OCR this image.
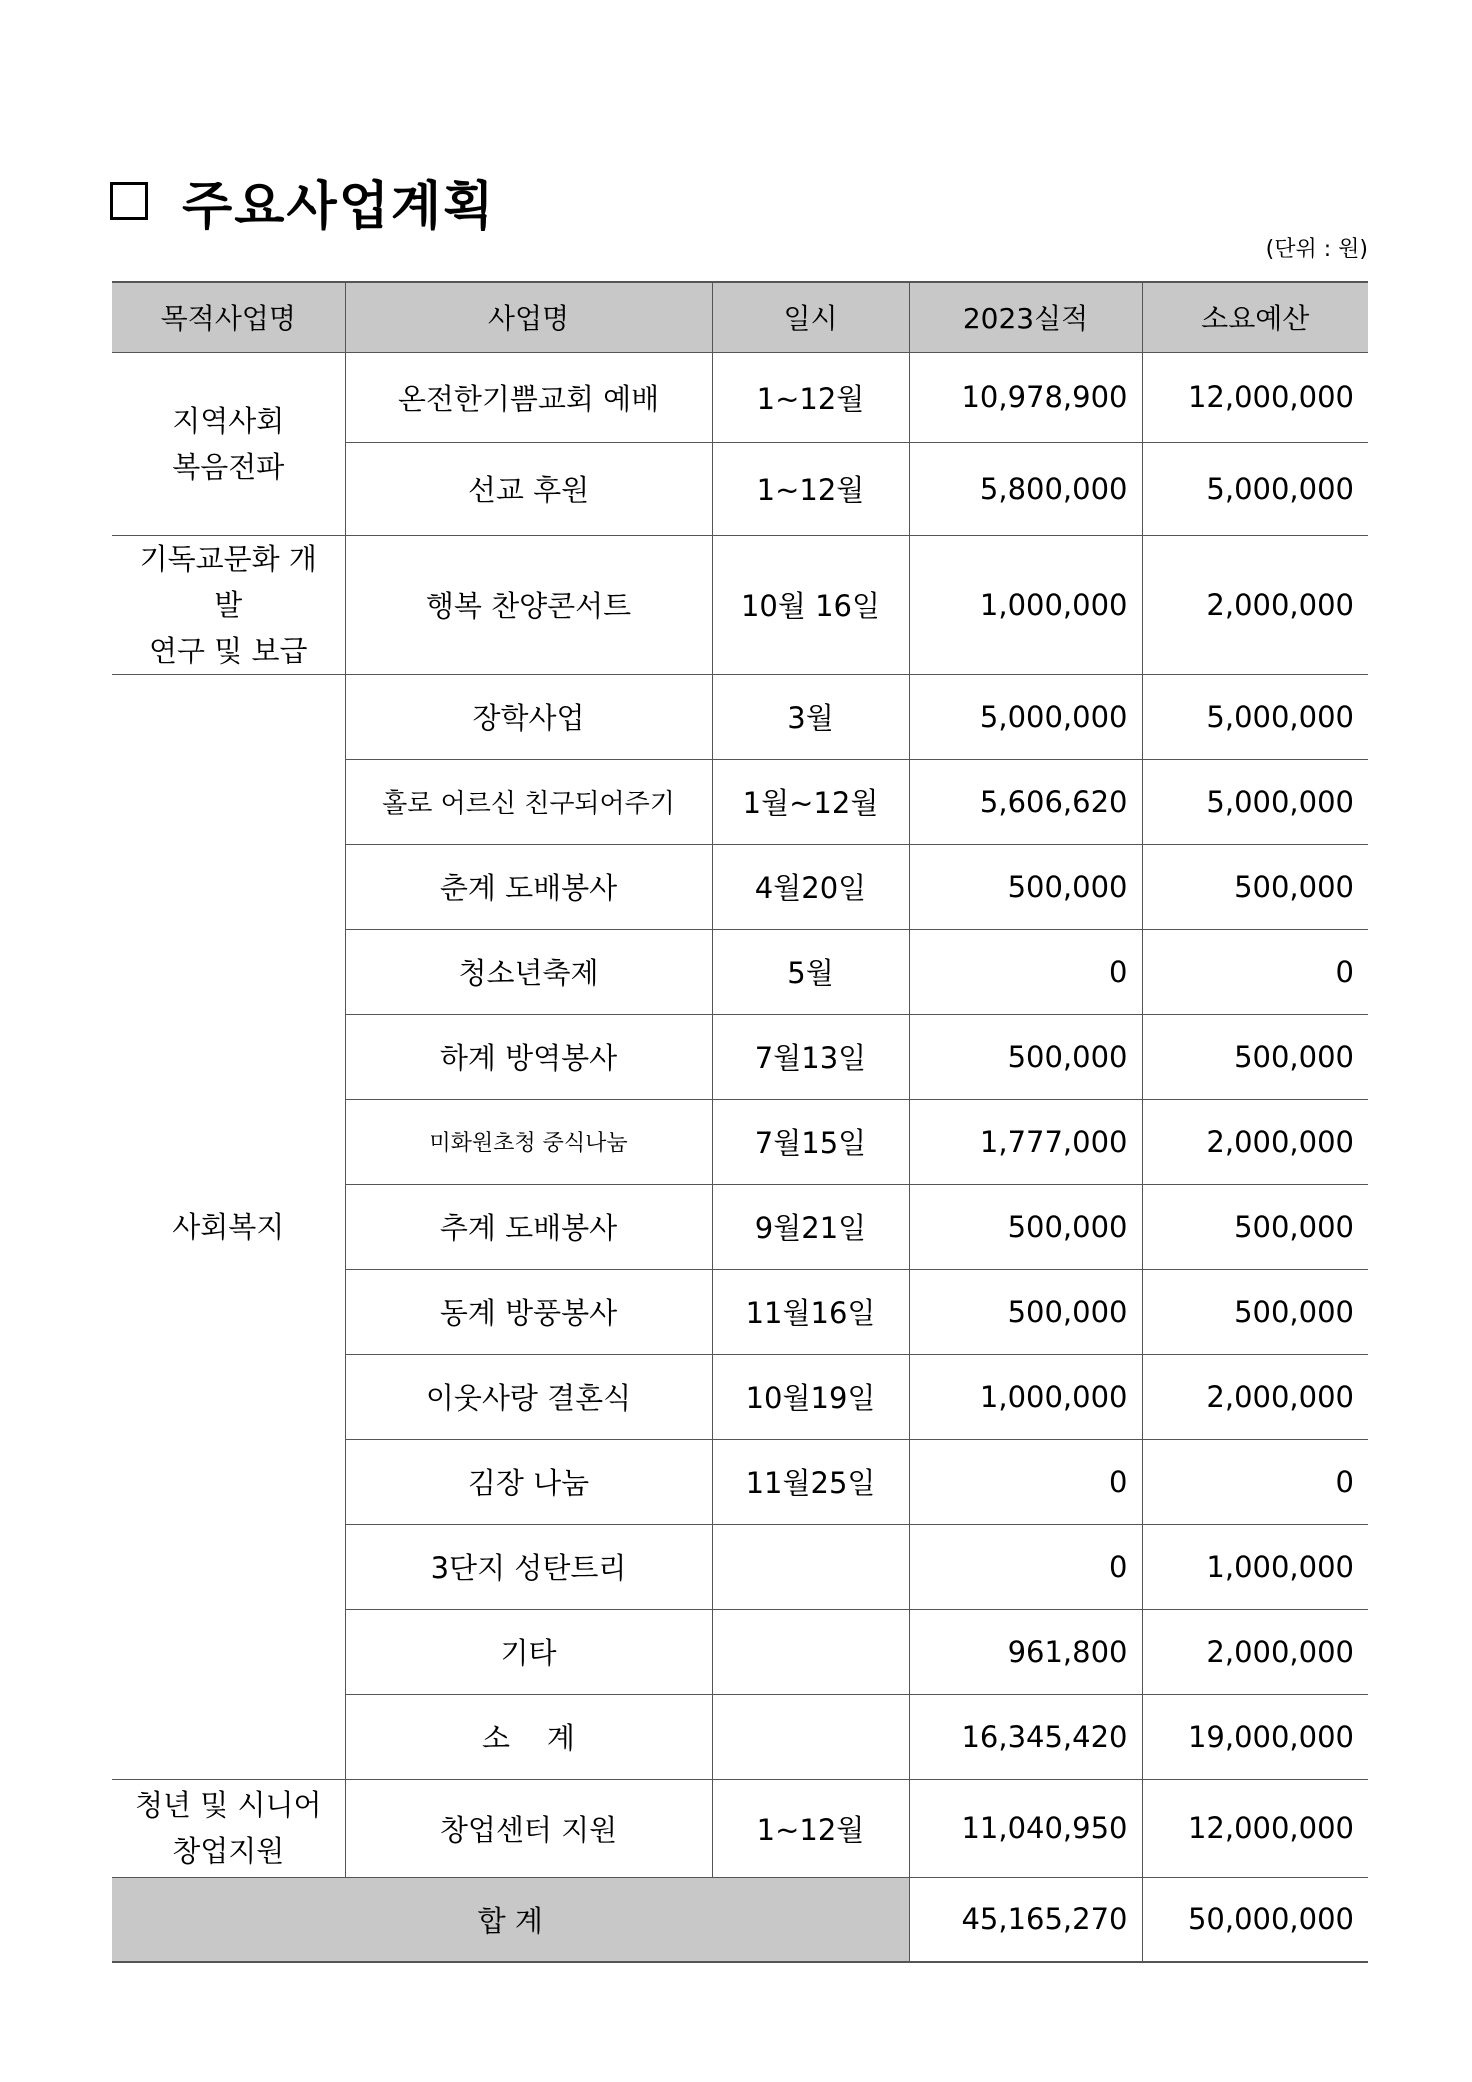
주요사업계획
(단위 : 원)
목적사업명	사업명	일시	2023실적	소요예산
지역사회
복음전파	온전한기쁨교회 예배	1~12월	10,978,900	12,000,000
	선교 후원	1~12월	5,800,000	5,000,000
기독교문화 개발
연구 및 보급	행복 찬양콘서트	10월 16일	1,000,000	2,000,000
사회복지	장학사업	3월	5,000,000	5,000,000
	홀로 어르신 친구되어주기	1월~12월	5,606,620	5,000,000
	춘계 도배봉사	4월20일	500,000	500,000
	청소년축제	5월	0	0
	하계 방역봉사	7월13일	500,000	500,000
	미화원초청 중식나눔	7월15일	1,777,000	2,000,000
	추계 도배봉사	9월21일	500,000	500,000
	동계 방풍봉사	11월16일	500,000	500,000
	이웃사랑 결혼식	10월19일	1,000,000	2,000,000
	김장 나눔	11월25일	0	0
	3단지 성탄트리		0	1,000,000
	기타		961,800	2,000,000
	소    계		16,345,420	19,000,000
청년 및 시니어
창업지원	창업센터 지원	1~12월	11,040,950	12,000,000
합 계			45,165,270	50,000,000
